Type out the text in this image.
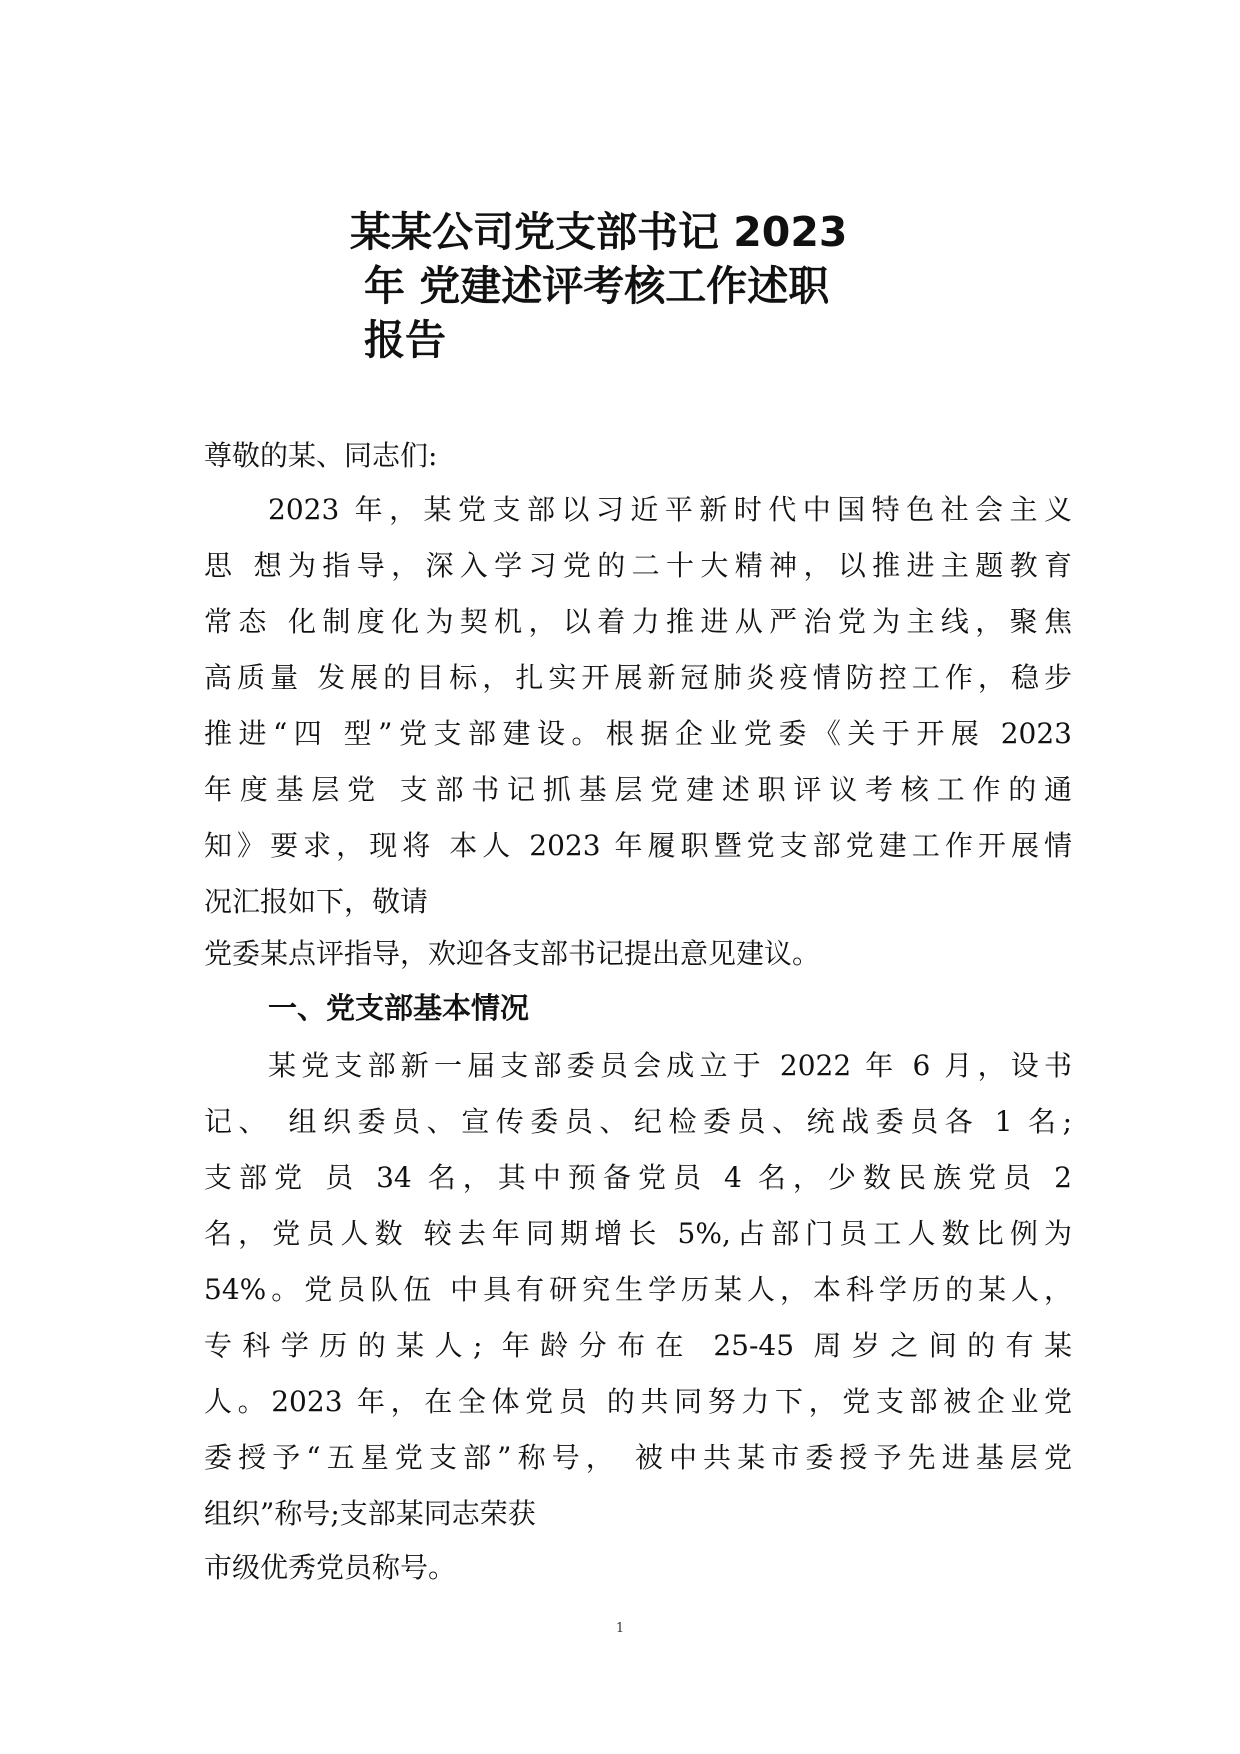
某某公司党支部书记 2023
年 党建述评考核工作述职
报告
尊敬的某、同志们:
2023 年，某党支部以习近平新时代中国特色社会主义
思 想为指导，深入学习党的二十大精神，以推进主题教育
常态 化制度化为契机，以着力推进从严治党为主线，聚焦
高质量 发展的目标，扎实开展新冠肺炎疫情防控工作，稳步
推进“四 型”党支部建设。根据企业党委《关于开展 2023
年度基层党 支部书记抓基层党建述职评议考核工作的通
知》要求，现将 本人 2023 年履职暨党支部党建工作开展情
况汇报如下，敬请
党委某点评指导，欢迎各支部书记提出意见建议。
一、党支部基本情况
某党支部新一届支部委员会成立于 2022 年 6 月，设书
记、 组织委员、宣传委员、纪检委员、统战委员各 1 名;
支部党 员 34 名，其中预备党员 4 名，少数民族党员 2
名，党员人数 较去年同期增长 5%,占部门员工人数比例为
54%。党员队伍 中具有研究生学历某人，本科学历的某人，
专科学历的某人; 年龄分布在 25-45 周岁之间的有某
人。2023 年，在全体党员 的共同努力下，党支部被企业党
委授予“五星党支部”称号， 被中共某市委授予先进基层党
组织”称号;支部某同志荣获
市级优秀党员称号。
1
